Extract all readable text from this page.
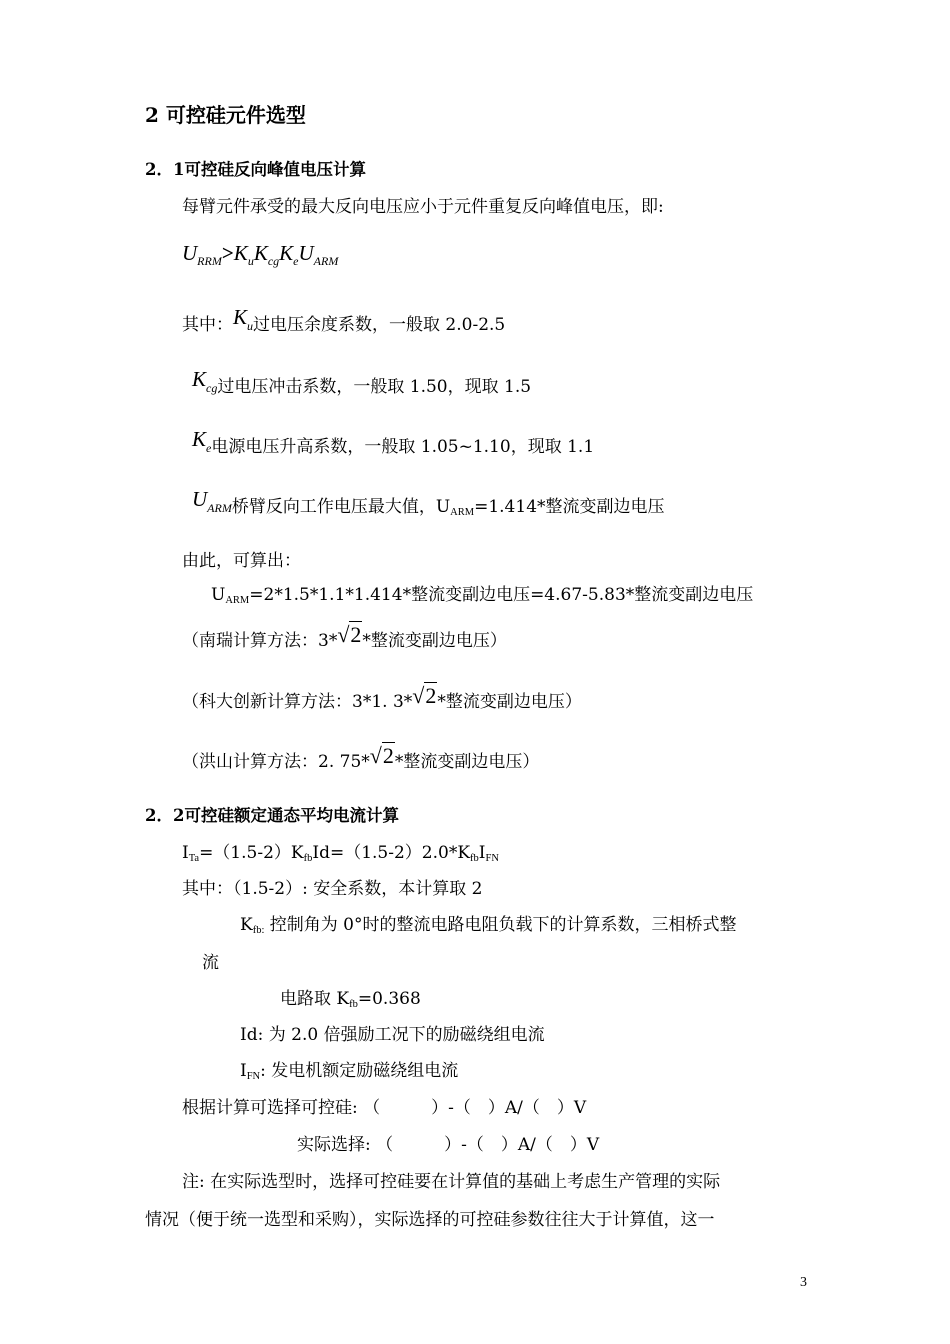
2 可控硅元件选型
2．1可控硅反向峰值电压计算
每臂元件承受的最大反向电压应小于元件重复反向峰值电压，即:
$U_{RRM}>K_uK_{cg}K_eU_{ARM}$
其中：$K_u$过电压余度系数，一般取 2.0-2.5
$K_{cg}$过电压冲击系数，一般取 1.50，现取 1.5
$K_e$电源电压升高系数，一般取 1.05~1.10，现取 1.1
$U_{ARM}$桥臂反向工作电压最大值，$U_{ARM}=1.414*$整流变副边电压
由此，可算出：
$U_{ARM}=2*1.5*1.1*1.414*$整流变副边电压=4.67-5.83*整流变副边电压
（南瑞计算方法：3*√2*整流变副边电压）
（科大创新计算方法：3*1. 3*√2*整流变副边电压）
（洪山计算方法：2. 75*√2*整流变副边电压）
2．2可控硅额定通态平均电流计算
$I_{Ta}=(1.5-2)K_{fb}Id=(1.5-2)2.0*K_{fb}I_{FN}$
其中：（1.5-2）: 安全系数，本计算取 2
$K_{fb:}$ 控制角为 0°时的整流电路电阻负载下的计算系数，三相桥式整
流
电路取 $K_{fb}=0.368$
Id: 为 2.0 倍强励工况下的励磁绕组电流
$I_{FN}$: 发电机额定励磁绕组电流
根据计算可选择可控硅: （　　　）-（　）A/（　）V
实际选择: （　　　）-（　）A/（　）V
注: 在实际选型时，选择可控硅要在计算值的基础上考虑生产管理的实际
情况（便于统一选型和采购），实际选择的可控硅参数往往大于计算值，这一
3
